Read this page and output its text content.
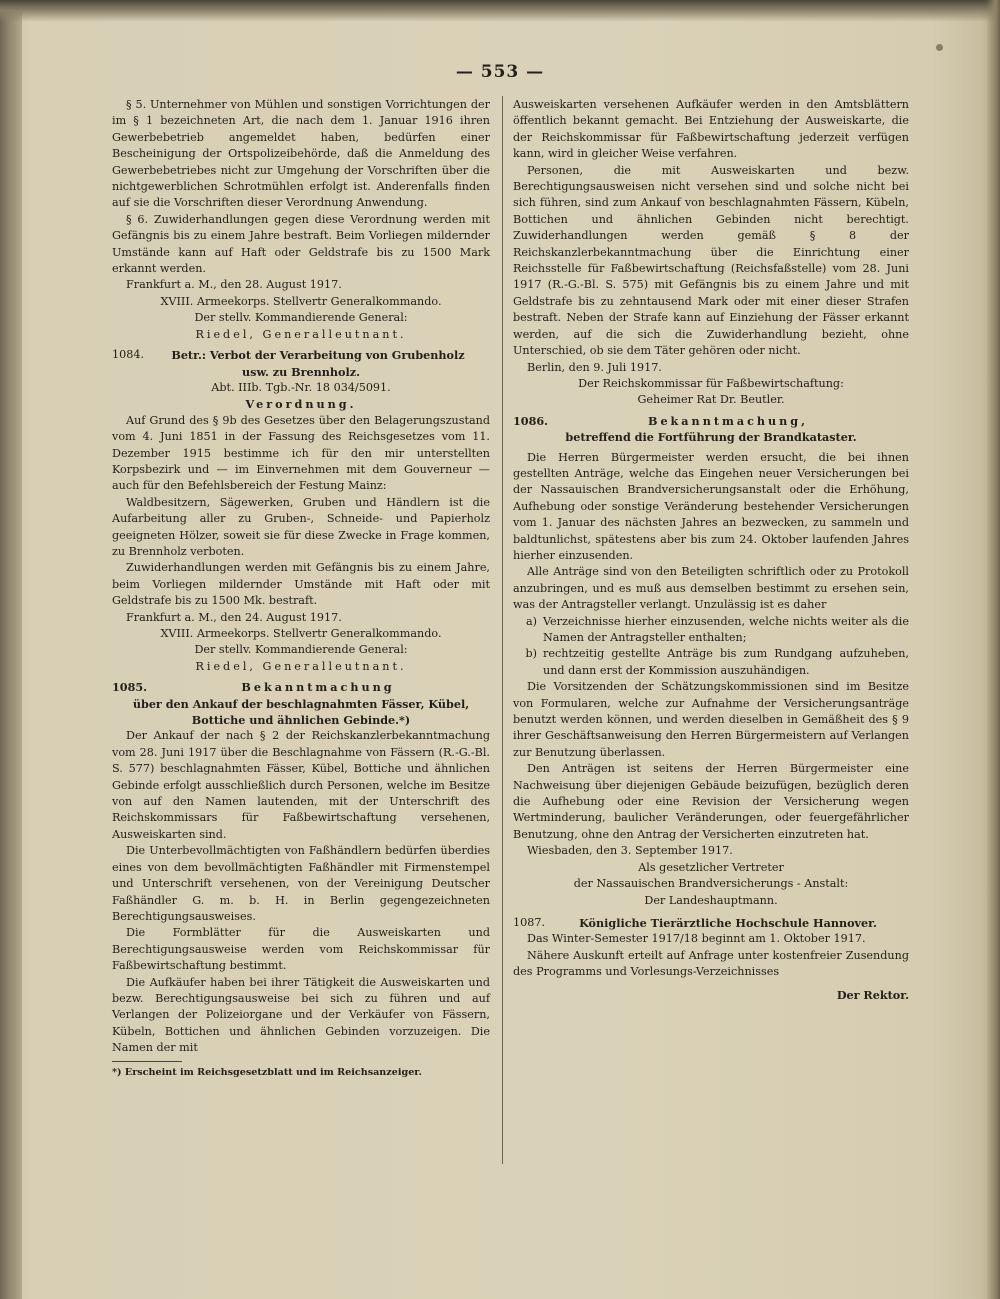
— 553 —

§ 5. Unternehmer von Mühlen und sonstigen Vorrichtungen der im § 1 bezeichneten Art, die nach dem 1. Januar 1916 ihren Gewerbebetrieb angemeldet haben, bedürfen einer Bescheinigung der Ortspolizeibehörde, daß die Anmeldung des Gewerbebetriebes nicht zur Umgehung der Vorschriften über die nichtgewerblichen Schrotmühlen erfolgt ist. Anderenfalls finden auf sie die Vorschriften dieser Verordnung Anwendung.

§ 6. Zuwiderhandlungen gegen diese Verordnung werden mit Gefängnis bis zu einem Jahre bestraft. Beim Vorliegen mildernder Umstände kann auf Haft oder Geldstrafe bis zu 1500 Mark erkannt werden.

Frankfurt a. M., den 28. August 1917.

XVIII. Armeekorps. Stellvertr Generalkommando.

Der stellv. Kommandierende General:

Riedel, Generalleutnant.

1084.	Betr.: Verbot der Verarbeitung von Grubenholz

usw. zu Brennholz.

Abt. IIIb. Tgb.-Nr. 18 034/5091.

Verordnung.

Auf Grund des § 9b des Gesetzes über den Belagerungszustand vom 4. Juni 1851 in der Fassung des Reichsgesetzes vom 11. Dezember 1915 bestimme ich für den mir unterstellten Korpsbezirk und — im Einvernehmen mit dem Gouverneur — auch für den Befehlsbereich der Festung Mainz:

Waldbesitzern, Sägewerken, Gruben und Händlern ist die Aufarbeitung aller zu Gruben-, Schneide- und Papierholz geeigneten Hölzer, soweit sie für diese Zwecke in Frage kommen, zu Brennholz verboten.

Zuwiderhandlungen werden mit Gefängnis bis zu einem Jahre, beim Vorliegen mildernder Umstände mit Haft oder mit Geldstrafe bis zu 1500 Mk. bestraft.

Frankfurt a. M., den 24. August 1917.

XVIII. Armeekorps. Stellvertr Generalkommando.

Der stellv. Kommandierende General:

Riedel, Generalleutnant.

1085.	Bekanntmachung

über den Ankauf der beschlagnahmten Fässer, Kübel, Bottiche und ähnlichen Gebinde.*)

Der Ankauf der nach § 2 der Reichskanzlerbekanntmachung vom 28. Juni 1917 über die Beschlagnahme von Fässern (R.-G.-Bl. S. 577) beschlagnahmten Fässer, Kübel, Bottiche und ähnlichen Gebinde erfolgt ausschließlich durch Personen, welche im Besitze von auf den Namen lautenden, mit der Unterschrift des Reichskommissars für Faßbewirtschaftung versehenen, Ausweiskarten sind.

Die Unterbevollmächtigten von Faßhändlern bedürfen überdies eines von dem bevollmächtigten Faßhändler mit Firmenstempel und Unterschrift versehenen, von der Vereinigung Deutscher Faßhändler G. m. b. H. in Berlin gegengezeichneten Berechtigungsausweises.

Die Formblätter für die Ausweiskarten und Berechtigungsausweise werden vom Reichskommissar für Faßbewirtschaftung bestimmt.

Die Aufkäufer haben bei ihrer Tätigkeit die Ausweiskarten und bezw. Berechtigungsausweise bei sich zu führen und auf Verlangen der Polizeiorgane und der Verkäufer von Fässern, Kübeln, Bottichen und ähnlichen Gebinden vorzuzeigen. Die Namen der mit

*) Erscheint im Reichsgesetzblatt und im Reichsanzeiger.

Ausweiskarten versehenen Aufkäufer werden in den Amtsblättern öffentlich bekannt gemacht. Bei Entziehung der Ausweiskarte, die der Reichskommissar für Faßbewirtschaftung jederzeit verfügen kann, wird in gleicher Weise verfahren.

Personen, die mit Ausweiskarten und bezw. Berechtigungsausweisen nicht versehen sind und solche nicht bei sich führen, sind zum Ankauf von beschlagnahmten Fässern, Kübeln, Bottichen und ähnlichen Gebinden nicht berechtigt. Zuwiderhandlungen werden gemäß § 8 der Reichskanzlerbekanntmachung über die Einrichtung einer Reichsstelle für Faßbewirtschaftung (Reichsfaßstelle) vom 28. Juni 1917 (R.-G.-Bl. S. 575) mit Gefängnis bis zu einem Jahre und mit Geldstrafe bis zu zehntausend Mark oder mit einer dieser Strafen bestraft. Neben der Strafe kann auf Einziehung der Fässer erkannt werden, auf die sich die Zuwiderhandlung bezieht, ohne Unterschied, ob sie dem Täter gehören oder nicht.

Berlin, den 9. Juli 1917.

Der Reichskommissar für Faßbewirtschaftung:

Geheimer Rat Dr. Beutler.

1086.	Bekanntmachung,

betreffend die Fortführung der Brandkataster.

Die Herren Bürgermeister werden ersucht, die bei ihnen gestellten Anträge, welche das Eingehen neuer Versicherungen bei der Nassauischen Brandversicherungsanstalt oder die Erhöhung, Aufhebung oder sonstige Veränderung bestehender Versicherungen vom 1. Januar des nächsten Jahres an bezwecken, zu sammeln und baldtunlichst, spätestens aber bis zum 24. Oktober laufenden Jahres hierher einzusenden.

Alle Anträge sind von den Beteiligten schriftlich oder zu Protokoll anzubringen, und es muß aus demselben bestimmt zu ersehen sein, was der Antragsteller verlangt. Unzulässig ist es daher

a) Verzeichnisse hierher einzusenden, welche nichts weiter als die Namen der Antragsteller enthalten;
b) rechtzeitig gestellte Anträge bis zum Rundgang aufzuheben, und dann erst der Kommission auszuhändigen.

Die Vorsitzenden der Schätzungskommissionen sind im Besitze von Formularen, welche zur Aufnahme der Versicherungsanträge benutzt werden können, und werden dieselben in Gemäßheit des § 9 ihrer Geschäftsanweisung den Herren Bürgermeistern auf Verlangen zur Benutzung überlassen.

Den Anträgen ist seitens der Herren Bürgermeister eine Nachweisung über diejenigen Gebäude beizufügen, bezüglich deren die Aufhebung oder eine Revision der Versicherung wegen Wertminderung, baulicher Veränderungen, oder feuergefährlicher Benutzung, ohne den Antrag der Versicherten einzutreten hat.

Wiesbaden, den 3. September 1917.

Als gesetzlicher Vertreter

der Nassauischen Brandversicherungs - Anstalt:

Der Landeshauptmann.

1087.	Königliche Tierärztliche Hochschule Hannover.

Das Winter-Semester 1917/18 beginnt am 1. Oktober 1917.

Nähere Auskunft erteilt auf Anfrage unter kostenfreier Zusendung des Programms und Vorlesungs-Verzeichnisses

Der Rektor.
